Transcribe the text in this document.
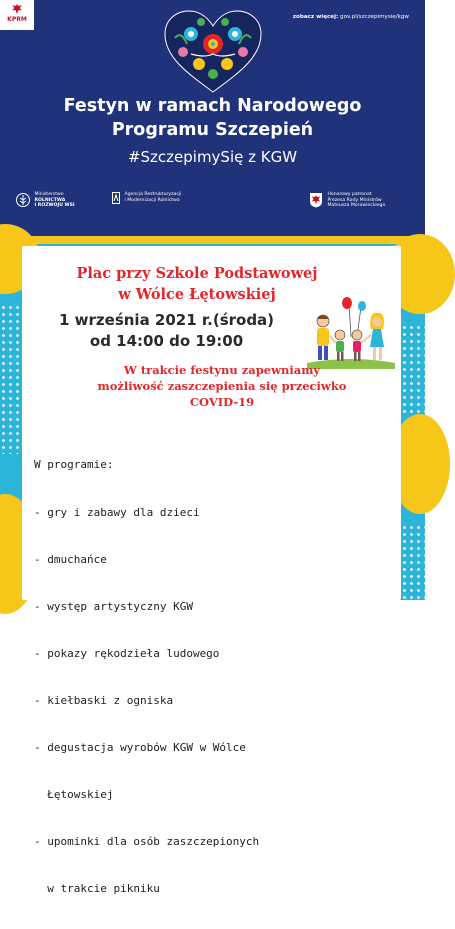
KPRM	zobacz więcej: gov.pl/szczepimysie/kgw
Festyn w ramach Narodowego
Programu Szczepień
#SzczepimySię z KGW

Ministerstwo
ROLNICTWA
I ROZWOJU WSI

Agencja Restrukturyzacji
i Modernizacji Rolnictwa

Honorowy patronat
Prezesa Rady Ministrów
Mateusza Morawieckiego
Plac przy Szkole Podstawowej
w Wólce Łętowskiej
1 września 2021 r.(środa)
od 14:00 do 19:00
W trakcie festynu zapewniamy
możliwość zaszczepienia się przeciwko
COVID-19

W programie:

- gry i zabawy dla dzieci

- dmuchańce

- występ artystyczny KGW

- pokazy rękodzieła ludowego

- kiełbaski z ogniska

- degustacja wyrobów KGW w Wólce

Łętowskiej

- upominki dla osób zaszczepionych

w trakcie pikniku
